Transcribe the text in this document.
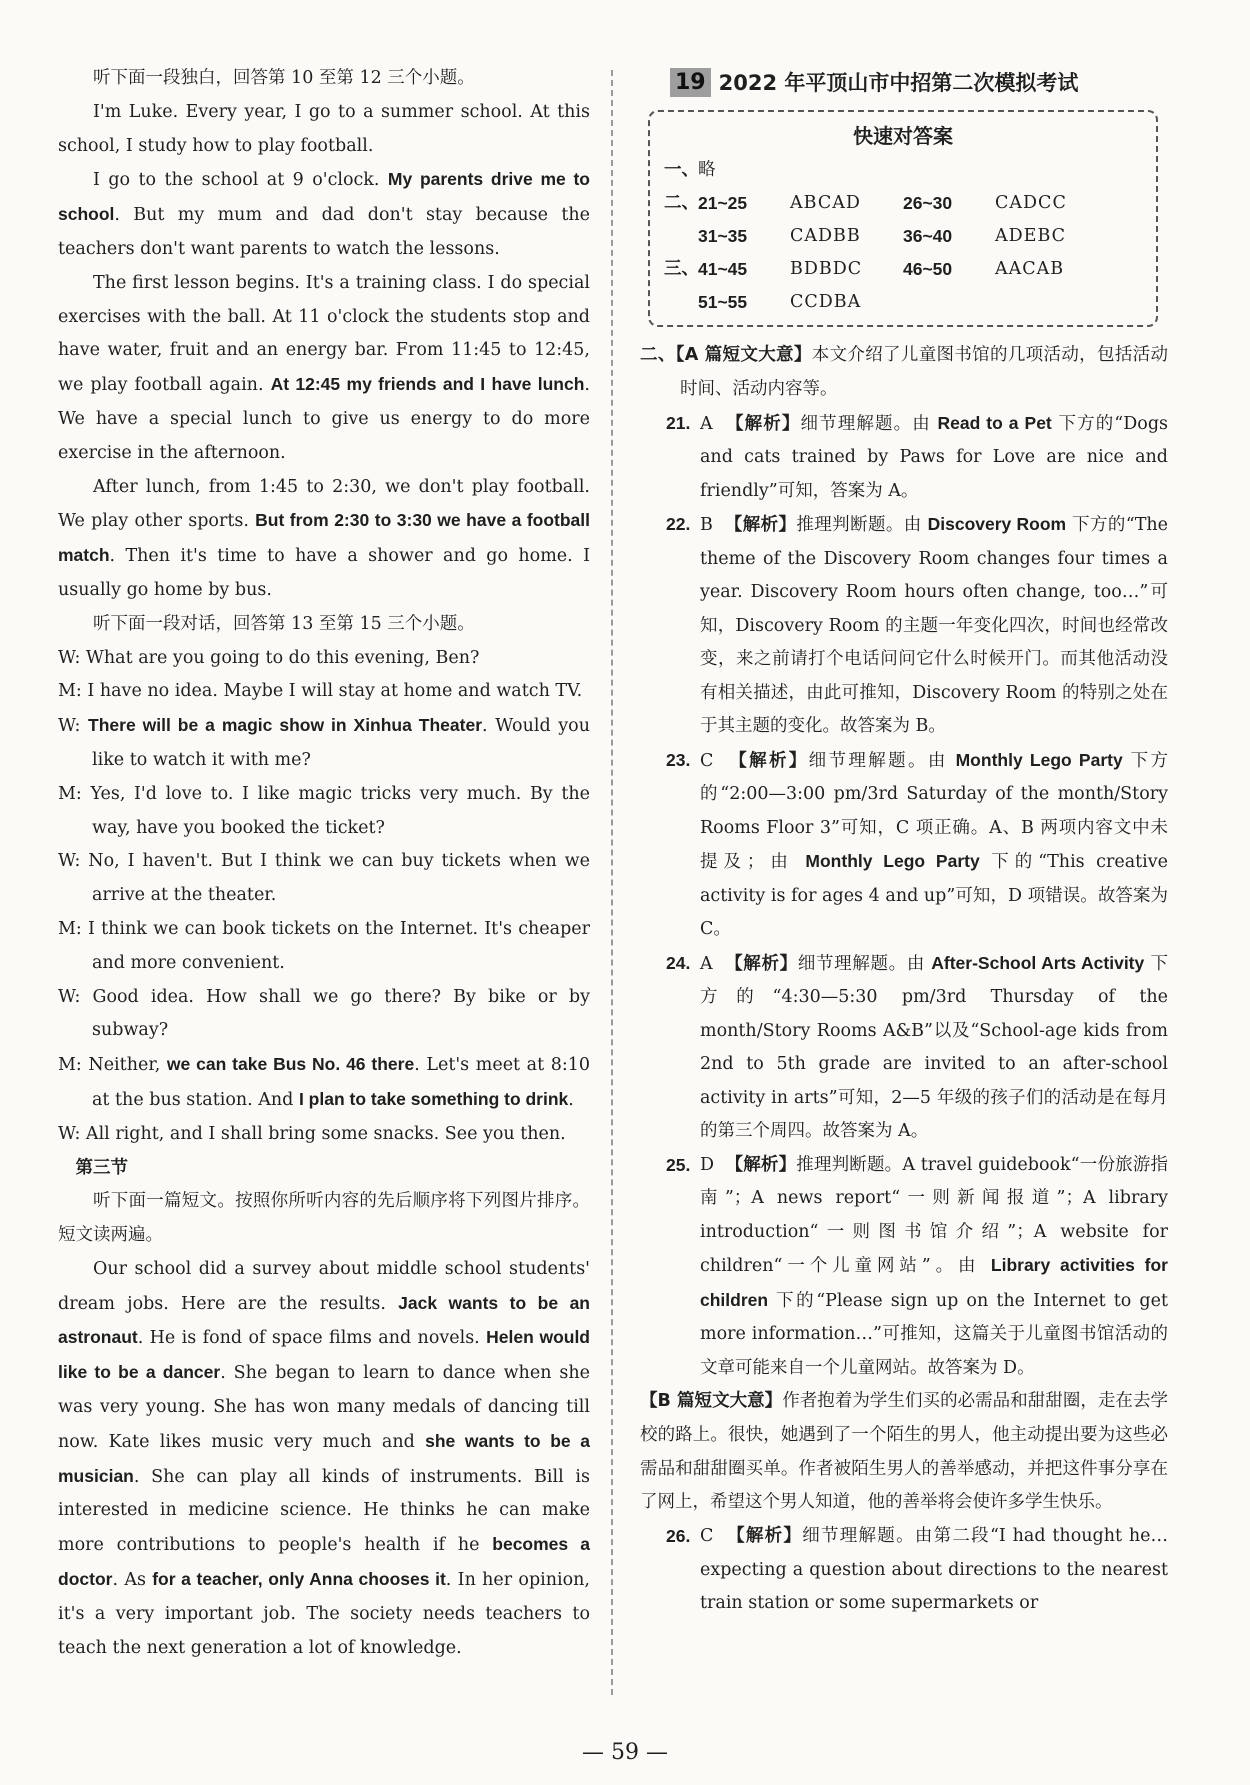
听下面一段独白，回答第 10 至第 12 三个小题。

I'm Luke. Every year, I go to a summer school. At this school, I study how to play football.

I go to the school at 9 o'clock. My parents drive me to school. But my mum and dad don't stay because the teachers don't want parents to watch the lessons.

The first lesson begins. It's a training class. I do special exercises with the ball. At 11 o'clock the students stop and have water, fruit and an energy bar. From 11:45 to 12:45, we play football again. At 12:45 my friends and I have lunch. We have a special lunch to give us energy to do more exercise in the afternoon.

After lunch, from 1:45 to 2:30, we don't play football. We play other sports. But from 2:30 to 3:30 we have a football match. Then it's time to have a shower and go home. I usually go home by bus.

听下面一段对话，回答第 13 至第 15 三个小题。

W: What are you going to do this evening, Ben?

M: I have no idea. Maybe I will stay at home and watch TV.

W: There will be a magic show in Xinhua Theater. Would you like to watch it with me?

M: Yes, I'd love to. I like magic tricks very much. By the way, have you booked the ticket?

W: No, I haven't. But I think we can buy tickets when we arrive at the theater.

M: I think we can book tickets on the Internet. It's cheaper and more convenient.

W: Good idea. How shall we go there? By bike or by subway?

M: Neither, we can take Bus No. 46 there. Let's meet at 8:10 at the bus station. And I plan to take something to drink.

W: All right, and I shall bring some snacks. See you then.

第三节

听下面一篇短文。按照你所听内容的先后顺序将下列图片排序。短文读两遍。

Our school did a survey about middle school students' dream jobs. Here are the results. Jack wants to be an astronaut. He is fond of space films and novels. Helen would like to be a dancer. She began to learn to dance when she was very young. She has won many medals of dancing till now. Kate likes music very much and she wants to be a musician. She can play all kinds of instruments. Bill is interested in medicine science. He thinks he can make more contributions to people's health if he becomes a doctor. As for a teacher, only Anna chooses it. In her opinion, it's a very important job. The society needs teachers to teach the next generation a lot of knowledge.

19 2022 年平顶山市中招第二次模拟考试
快速对答案
一、 略
二、 21~25	ABCAD 26~30	CADCC
31~35	CADBB 36~40	ADEBC
三、 41~45	BDBDC 46~50	AACAB
51~55	CCDBA

二、【A 篇短文大意】本文介绍了儿童图书馆的几项活动，包括活动时间、活动内容等。

21. A 【解析】细节理解题。由 Read to a Pet 下方的“Dogs and cats trained by Paws for Love are nice and friendly”可知，答案为 A。
22. B 【解析】推理判断题。由 Discovery Room 下方的“The theme of the Discovery Room changes four times a year. Discovery Room hours often change, too…”可知，Discovery Room 的主题一年变化四次，时间也经常改变，来之前请打个电话问问它什么时候开门。而其他活动没有相关描述，由此可推知，Discovery Room 的特别之处在于其主题的变化。故答案为 B。
23. C 【解析】细节理解题。由 Monthly Lego Party 下方的“2:00—3:00 pm/3rd Saturday of the month/Story Rooms Floor 3”可知，C 项正确。A、B 两项内容文中未提及；由 Monthly Lego Party 下的“This creative activity is for ages 4 and up”可知，D 项错误。故答案为 C。
24. A 【解析】细节理解题。由 After-School Arts Activity 下方的“4:30—5:30 pm/3rd Thursday of the month/Story Rooms A&B”以及“School-age kids from 2nd to 5th grade are invited to an after-school activity in arts”可知，2—5 年级的孩子们的活动是在每月的第三个周四。故答案为 A。
25. D 【解析】推理判断题。A travel guidebook“一份旅游指南”；A news report“一则新闻报道”；A library introduction“一则图书馆介绍”；A website for children“一个儿童网站”。由 Library activities for children 下的“Please sign up on the Internet to get more information…”可推知，这篇关于儿童图书馆活动的文章可能来自一个儿童网站。故答案为 D。

【B 篇短文大意】作者抱着为学生们买的必需品和甜甜圈，走在去学校的路上。很快，她遇到了一个陌生的男人，他主动提出要为这些必需品和甜甜圈买单。作者被陌生男人的善举感动，并把这件事分享在了网上，希望这个男人知道，他的善举将会使许多学生快乐。

26. C 【解析】细节理解题。由第二段“I had thought he… expecting a question about directions to the nearest train station or some supermarkets or
— 59 —
